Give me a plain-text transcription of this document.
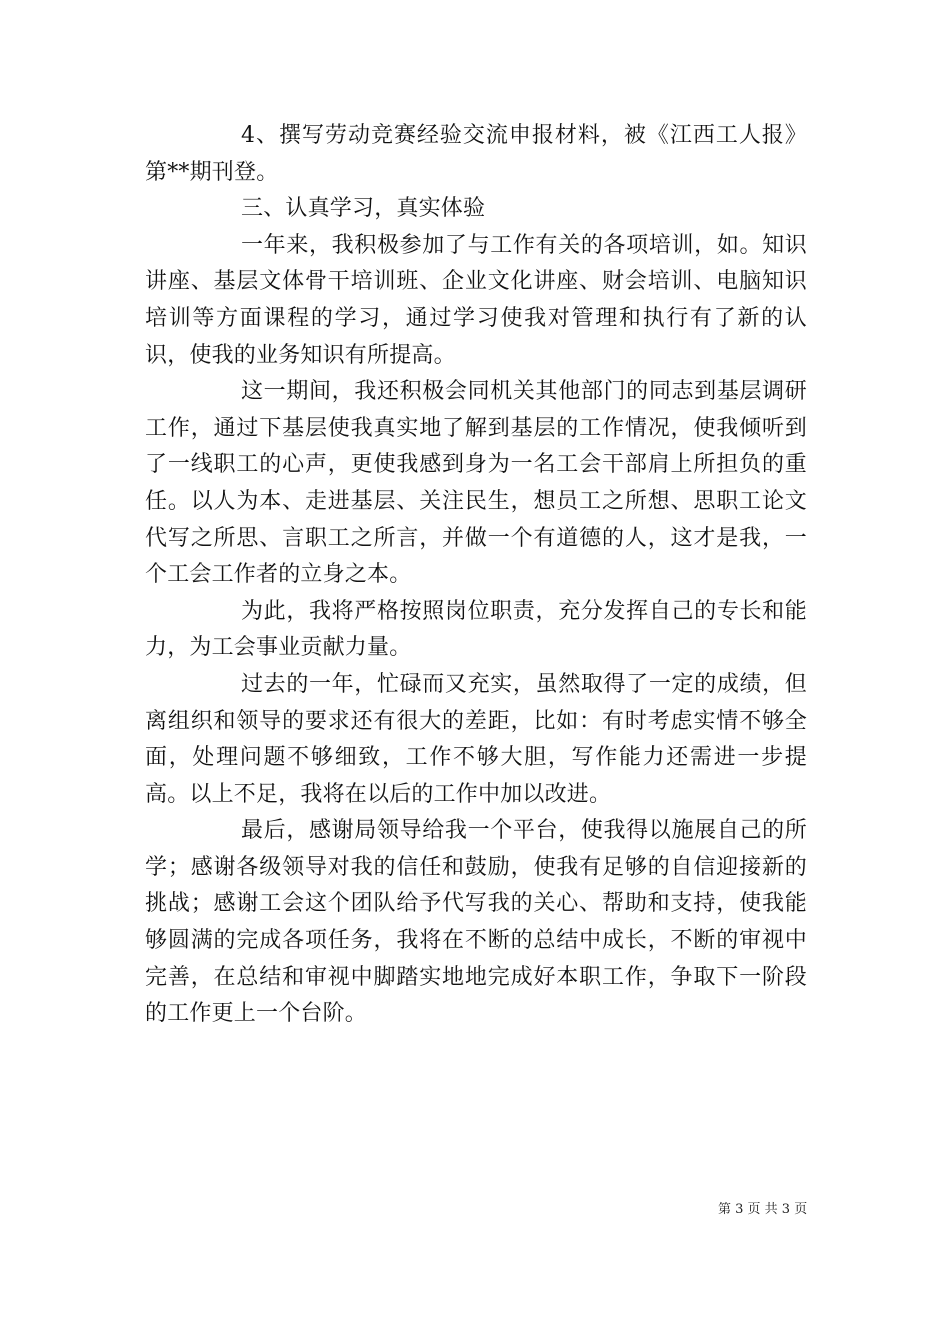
4、撰写劳动竞赛经验交流申报材料，被《江西工人报》第**期刊登。

三、认真学习，真实体验

一年来，我积极参加了与工作有关的各项培训，如。知识讲座、基层文体骨干培训班、企业文化讲座、财会培训、电脑知识培训等方面课程的学习，通过学习使我对管理和执行有了新的认识，使我的业务知识有所提高。

这一期间，我还积极会同机关其他部门的同志到基层调研工作，通过下基层使我真实地了解到基层的工作情况，使我倾听到了一线职工的心声，更使我感到身为一名工会干部肩上所担负的重任。以人为本、走进基层、关注民生，想员工之所想、思职工论文代写之所思、言职工之所言，并做一个有道德的人，这才是我，一个工会工作者的立身之本。

为此，我将严格按照岗位职责，充分发挥自己的专长和能力，为工会事业贡献力量。

过去的一年，忙碌而又充实，虽然取得了一定的成绩，但离组织和领导的要求还有很大的差距，比如：有时考虑实情不够全面，处理问题不够细致，工作不够大胆，写作能力还需进一步提高。以上不足，我将在以后的工作中加以改进。

最后，感谢局领导给我一个平台，使我得以施展自己的所学；感谢各级领导对我的信任和鼓励，使我有足够的自信迎接新的挑战；感谢工会这个团队给予代写我的关心、帮助和支持，使我能够圆满的完成各项任务，我将在不断的总结中成长，不断的审视中完善，在总结和审视中脚踏实地地完成好本职工作，争取下一阶段的工作更上一个台阶。

第 3 页 共 3 页
